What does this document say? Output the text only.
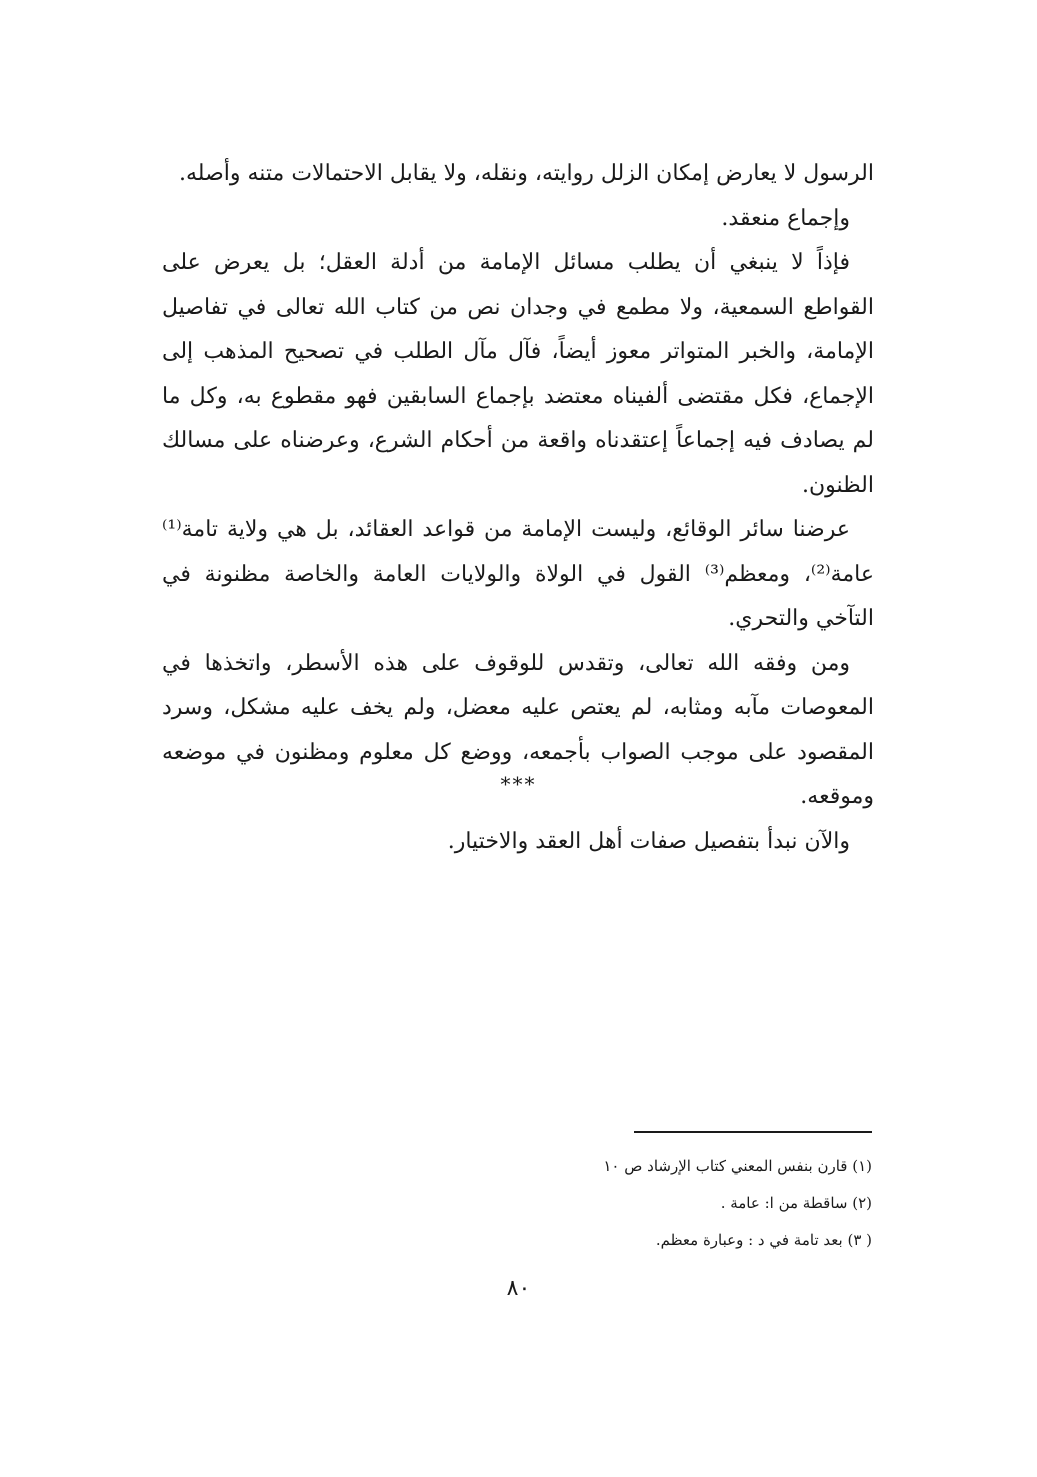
الرسول لا يعارض إمكان الزلل روايته، ونقله، ولا يقابل الاحتمالات متنه وأصله.

وإجماع منعقد.

فإذاً لا ينبغي أن يطلب مسائل الإمامة من أدلة العقل؛ بل يعرض على القواطع السمعية، ولا مطمع في وجدان نص من كتاب الله تعالى في تفاصيل الإمامة، والخبر المتواتر معوز أيضاً، فآل مآل الطلب في تصحيح المذهب إلى الإجماع، فكل مقتضى ألفيناه معتضد بإجماع السابقين فهو مقطوع به، وكل ما لم يصادف فيه إجماعاً إعتقدناه واقعة من أحكام الشرع، وعرضناه على مسالك الظنون.

عرضنا سائر الوقائع، وليست الإمامة من قواعد العقائد، بل هي ولاية تامة⁽¹⁾ عامة⁽²⁾، ومعظم⁽³⁾ القول في الولاة والولايات العامة والخاصة مظنونة في التآخي والتحري.

ومن وفقه الله تعالى، وتقدس للوقوف على هذه الأسطر، واتخذها في المعوصات مآبه ومثابه، لم يعتص عليه معضل، ولم يخف عليه مشكل، وسرد المقصود على موجب الصواب بأجمعه، ووضع كل معلوم ومظنون في موضعه وموقعه.

والآن نبدأ بتفصيل صفات أهل العقد والاختيار.

***

(١) قارن بنفس المعني كتاب الإرشاد ص ١٠

(٢) ساقطة من ا: عامة .

( ٣) بعد تامة في د : وعبارة معظم.

٨٠
